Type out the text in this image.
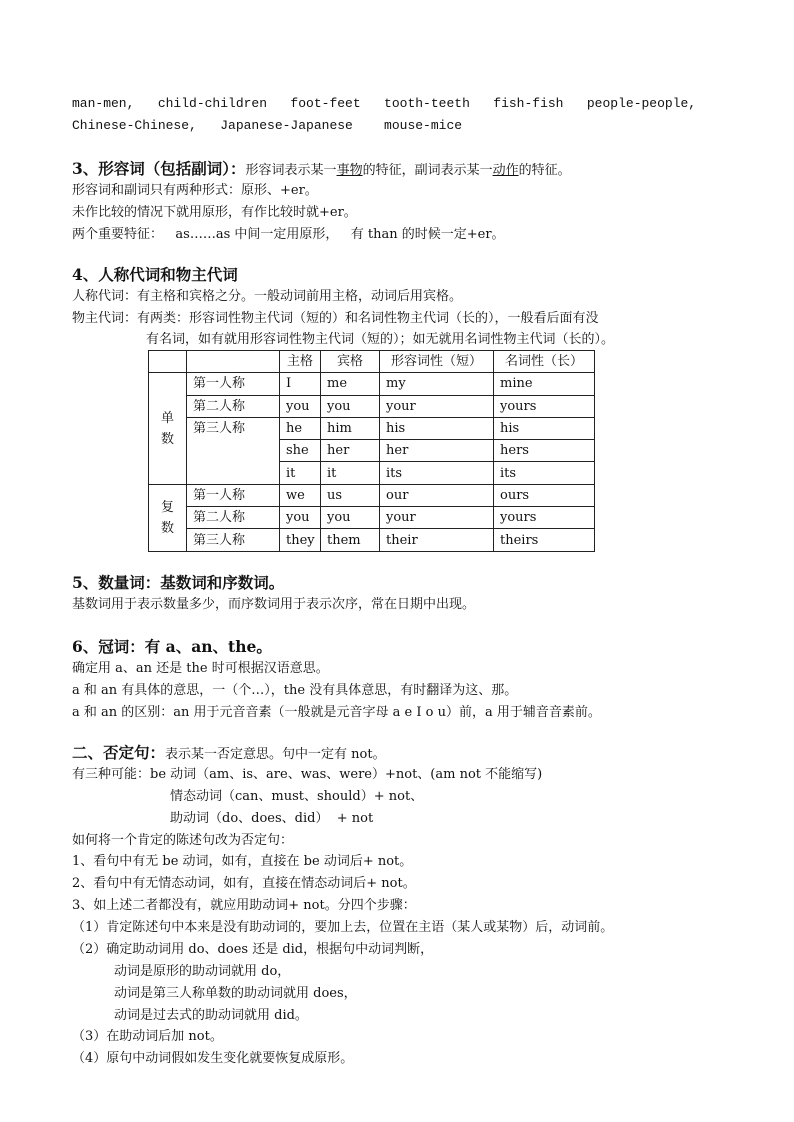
man-men,   child-children   foot-feet   tooth-teeth   fish-fish   people-people,
Chinese-Chinese,   Japanese-Japanese    mouse-mice
3、形容词（包括副词）：形容词表示某一事物的特征，副词表示某一动作的特征。
形容词和副词只有两种形式：原形、+er。
未作比较的情况下就用原形，有作比较时就+er。
两个重要特征：   as……as 中间一定用原形，   有 than 的时候一定+er。
4、人称代词和物主代词
人称代词：有主格和宾格之分。一般动词前用主格，动词后用宾格。
物主代词：有两类：形容词性物主代词（短的）和名词性物主代词（长的），一般看后面有没
有名词，如有就用形容词性物主代词（短的）；如无就用名词性物主代词（长的）。
		主格	宾格	形容词性（短）	名词性（长）
单
数	第一人称	I	me	my	mine
	第二人称	you	you	your	yours
	第三人称	he	him	his	his
		she	her	her	hers
		it	it	its	its
复
数	第一人称	we	us	our	ours
	第二人称	you	you	your	yours
	第三人称	they	them	their	theirs
5、数量词：基数词和序数词。
基数词用于表示数量多少，而序数词用于表示次序，常在日期中出现。
6、冠词：有 a、an、the。
确定用 a、an 还是 the 时可根据汉语意思。
a 和 an 有具体的意思，一（个…），the 没有具体意思，有时翻译为这、那。
a 和 an 的区别：an 用于元音音素（一般就是元音字母 a e I o u）前，a 用于辅音音素前。
二、否定句：表示某一否定意思。句中一定有 not。
有三种可能：be 动词（am、is、are、was、were）+not、(am not 不能缩写)
情态动词（can、must、should）+ not、
助动词（do、does、did）  + not
如何将一个肯定的陈述句改为否定句：
1、看句中有无 be 动词，如有，直接在 be 动词后+ not。
2、看句中有无情态动词，如有，直接在情态动词后+ not。
3、如上述二者都没有，就应用助动词+ not。分四个步骤：
（1）肯定陈述句中本来是没有助动词的，要加上去，位置在主语（某人或某物）后，动词前。
（2）确定助动词用 do、does 还是 did，根据句中动词判断，
动词是原形的助动词就用 do，
动词是第三人称单数的助动词就用 does，
动词是过去式的助动词就用 did。
（3）在助动词后加 not。
（4）原句中动词假如发生变化就要恢复成原形。
